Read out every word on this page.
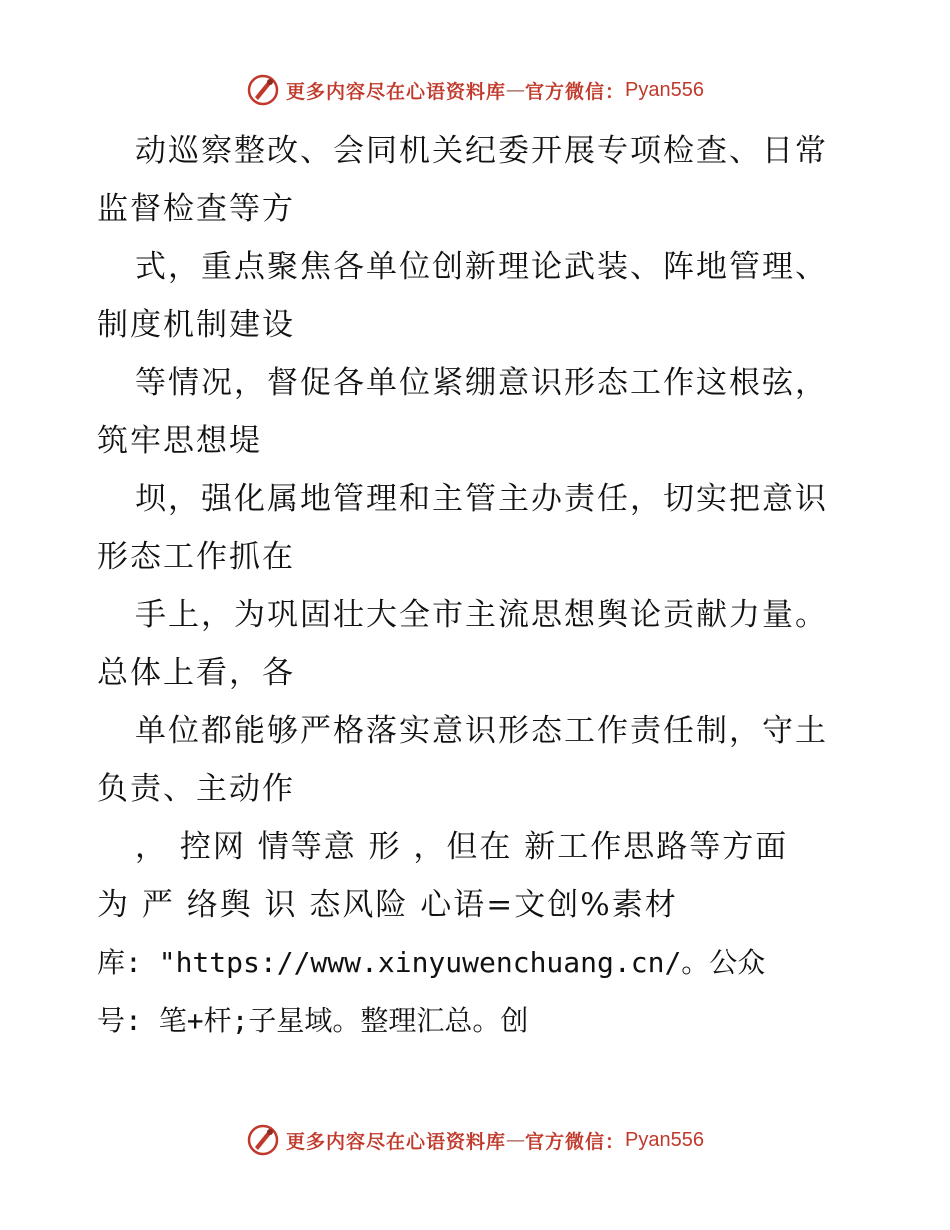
更多内容尽在心语资料库 — 官方微信： Pyan556
动巡察整改、会同机关纪委开展专项检查、日常
监督检查等方
式，重点聚焦各单位创新理论武装、阵地管理、
制度机制建设
等情况，督促各单位紧绷意识形态工作这根弦，
筑牢思想堤
坝，强化属地管理和主管主办责任，切实把意识
形态工作抓在
手上，为巩固壮大全市主流思想舆论贡献力量。
总体上看，各
单位都能够严格落实意识形态工作责任制，守土
负责、主动作
， 控网 情等意 形 ，但在 新工作思路等方面
为 严 络舆 识 态风险 心语=文创%素材
库: "https://www.xinyuwenchuang.cn/。公众
号: 笔+杆;子星域。整理汇总。创
更多内容尽在心语资料库 — 官方微信： Pyan556
